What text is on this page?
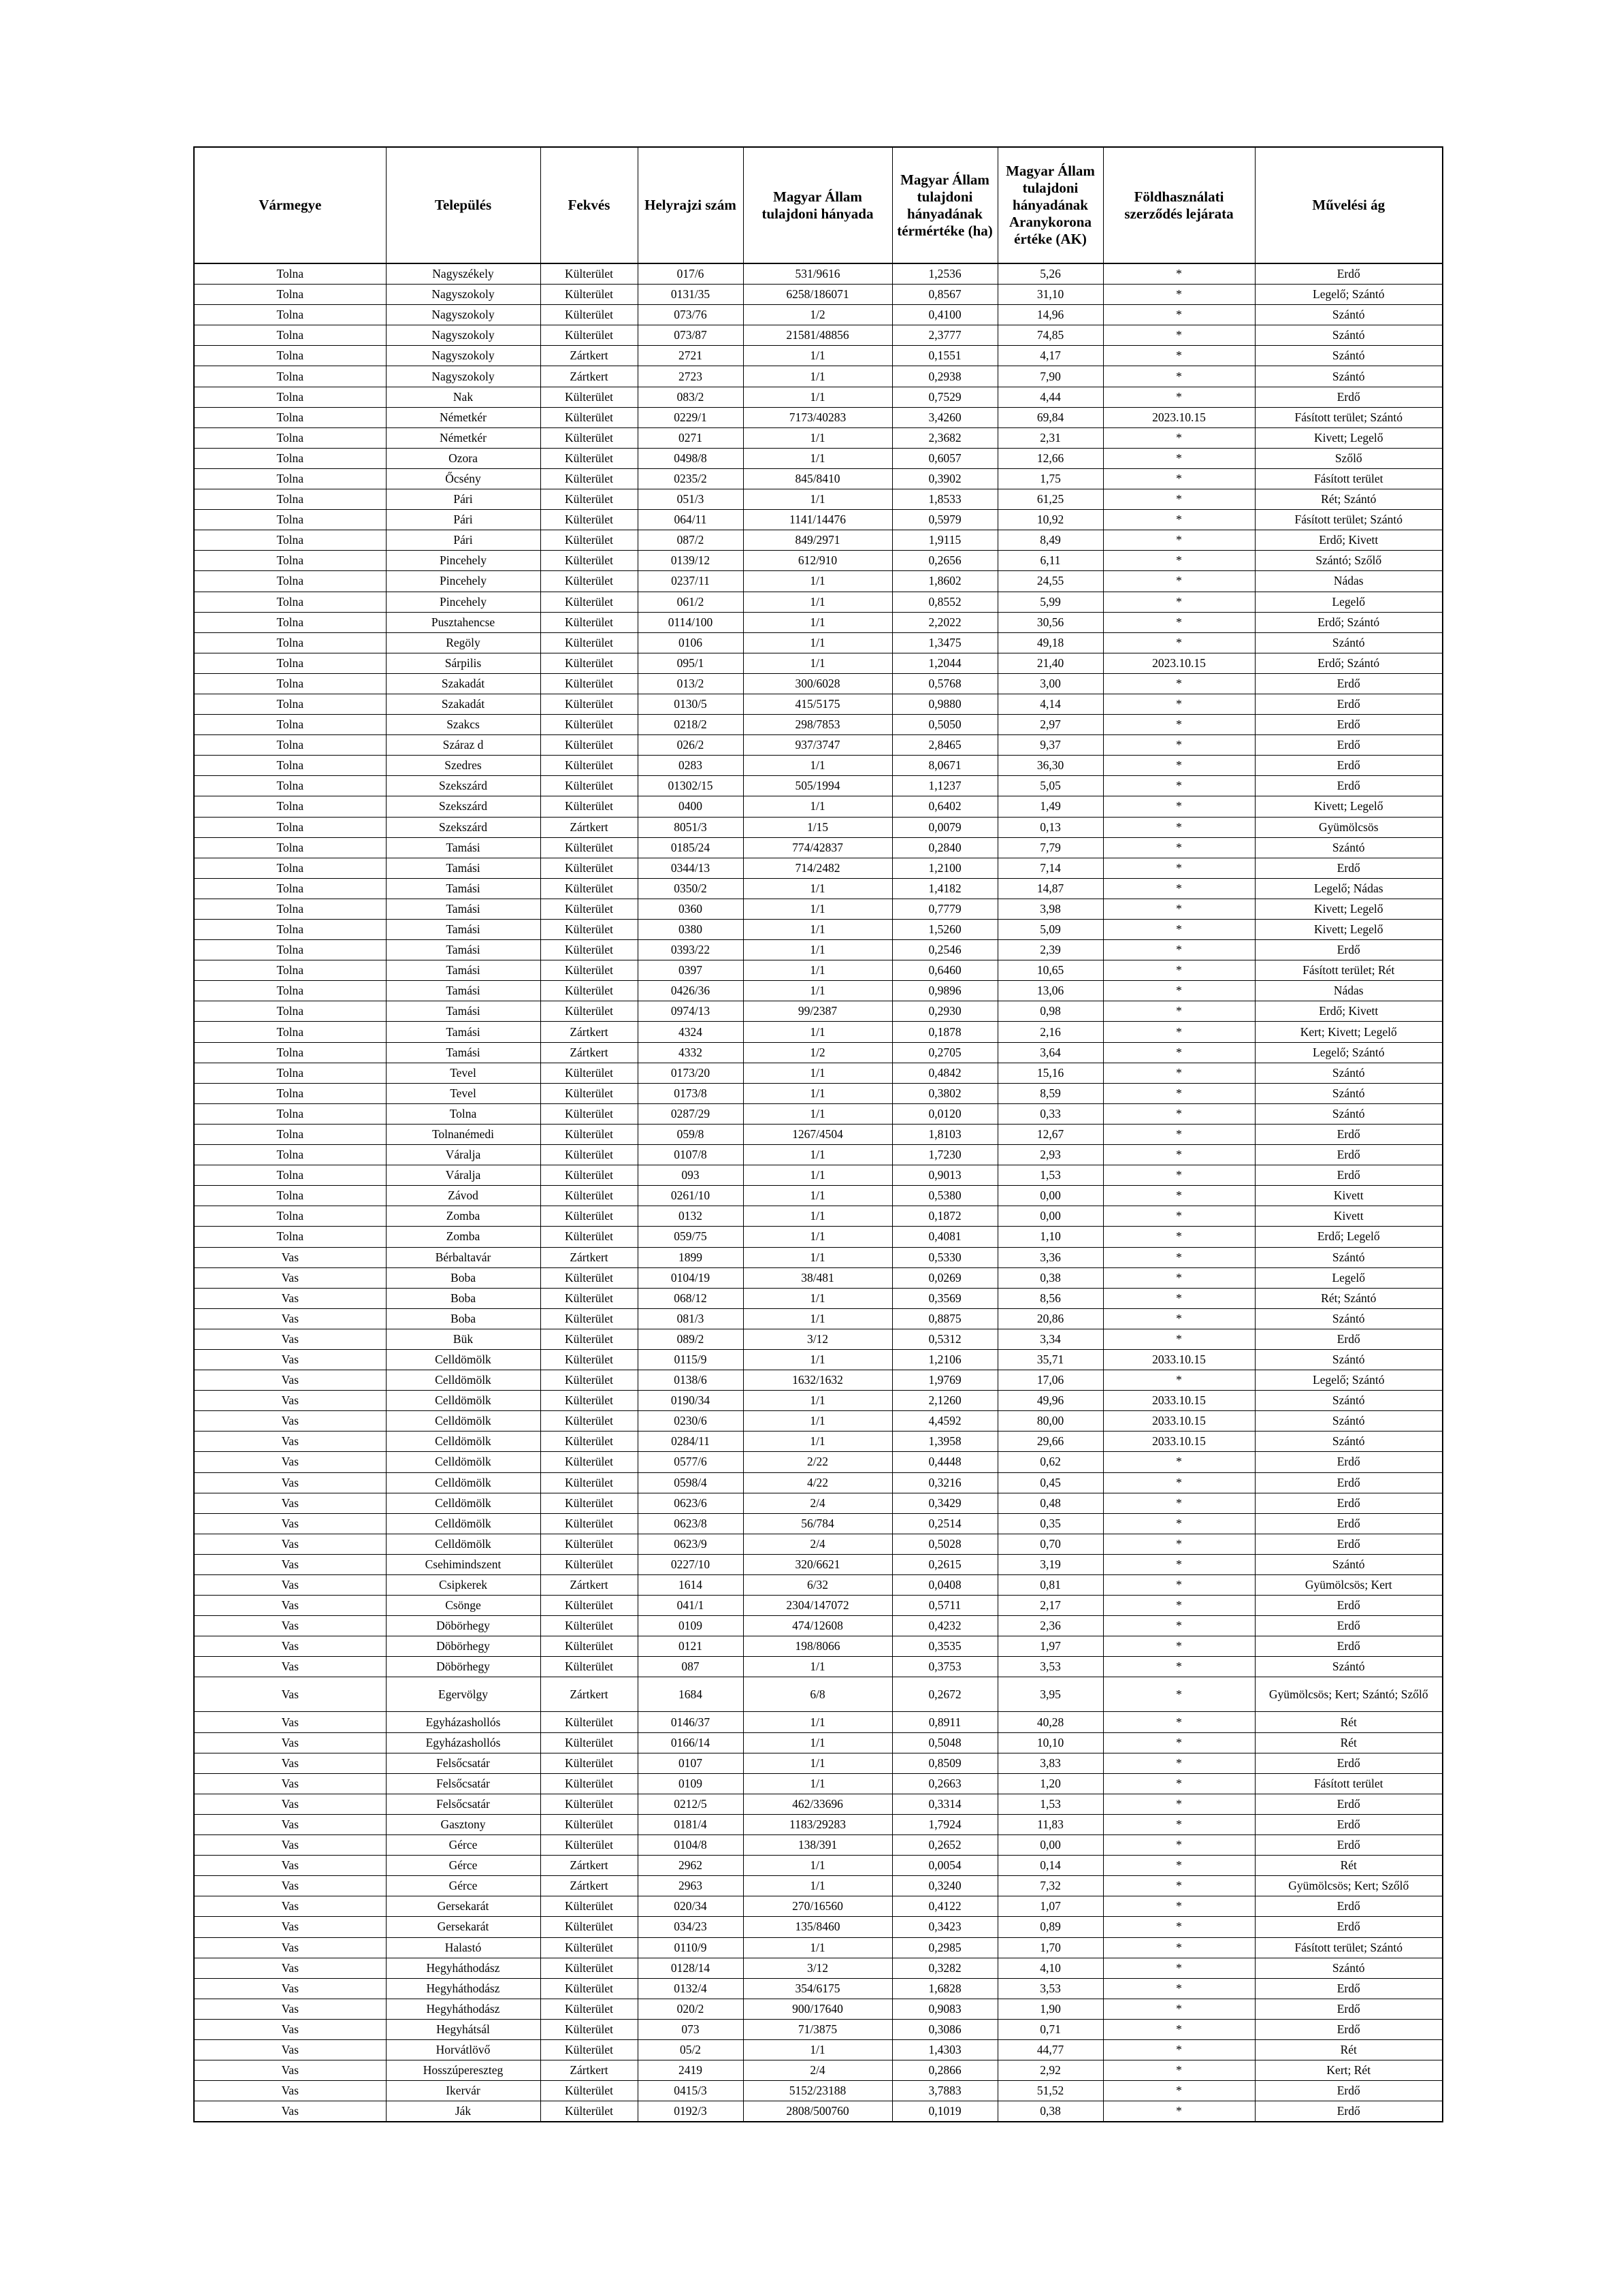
Vármegye	Település	Fekvés	Helyrajzi szám	Magyar Állam tulajdoni hányada	Magyar Állam tulajdoni hányadának térmértéke (ha)	Magyar Állam tulajdoni hányadának Aranykorona értéke (AK)	Földhasználati szerződés lejárata	Művelési ág
Tolna	Nagyszékely	Külterület	017/6	531/9616	1,2536	5,26	*	Erdő
Tolna	Nagyszokoly	Külterület	0131/35	6258/186071	0,8567	31,10	*	Legelő; Szántó
Tolna	Nagyszokoly	Külterület	073/76	1/2	0,4100	14,96	*	Szántó
Tolna	Nagyszokoly	Külterület	073/87	21581/48856	2,3777	74,85	*	Szántó
Tolna	Nagyszokoly	Zártkert	2721	1/1	0,1551	4,17	*	Szántó
Tolna	Nagyszokoly	Zártkert	2723	1/1	0,2938	7,90	*	Szántó
Tolna	Nak	Külterület	083/2	1/1	0,7529	4,44	*	Erdő
Tolna	Németkér	Külterület	0229/1	7173/40283	3,4260	69,84	2023.10.15	Fásított terület; Szántó
Tolna	Németkér	Külterület	0271	1/1	2,3682	2,31	*	Kivett; Legelő
Tolna	Ozora	Külterület	0498/8	1/1	0,6057	12,66	*	Szőlő
Tolna	Őcsény	Külterület	0235/2	845/8410	0,3902	1,75	*	Fásított terület
Tolna	Pári	Külterület	051/3	1/1	1,8533	61,25	*	Rét; Szántó
Tolna	Pári	Külterület	064/11	1141/14476	0,5979	10,92	*	Fásított terület; Szántó
Tolna	Pári	Külterület	087/2	849/2971	1,9115	8,49	*	Erdő; Kivett
Tolna	Pincehely	Külterület	0139/12	612/910	0,2656	6,11	*	Szántó; Szőlő
Tolna	Pincehely	Külterület	0237/11	1/1	1,8602	24,55	*	Nádas
Tolna	Pincehely	Külterület	061/2	1/1	0,8552	5,99	*	Legelő
Tolna	Pusztahencse	Külterület	0114/100	1/1	2,2022	30,56	*	Erdő; Szántó
Tolna	Regöly	Külterület	0106	1/1	1,3475	49,18	*	Szántó
Tolna	Sárpilis	Külterület	095/1	1/1	1,2044	21,40	2023.10.15	Erdő; Szántó
Tolna	Szakadát	Külterület	013/2	300/6028	0,5768	3,00	*	Erdő
Tolna	Szakadát	Külterület	0130/5	415/5175	0,9880	4,14	*	Erdő
Tolna	Szakcs	Külterület	0218/2	298/7853	0,5050	2,97	*	Erdő
Tolna	Száraz d	Külterület	026/2	937/3747	2,8465	9,37	*	Erdő
Tolna	Szedres	Külterület	0283	1/1	8,0671	36,30	*	Erdő
Tolna	Szekszárd	Külterület	01302/15	505/1994	1,1237	5,05	*	Erdő
Tolna	Szekszárd	Külterület	0400	1/1	0,6402	1,49	*	Kivett; Legelő
Tolna	Szekszárd	Zártkert	8051/3	1/15	0,0079	0,13	*	Gyümölcsös
Tolna	Tamási	Külterület	0185/24	774/42837	0,2840	7,79	*	Szántó
Tolna	Tamási	Külterület	0344/13	714/2482	1,2100	7,14	*	Erdő
Tolna	Tamási	Külterület	0350/2	1/1	1,4182	14,87	*	Legelő; Nádas
Tolna	Tamási	Külterület	0360	1/1	0,7779	3,98	*	Kivett; Legelő
Tolna	Tamási	Külterület	0380	1/1	1,5260	5,09	*	Kivett; Legelő
Tolna	Tamási	Külterület	0393/22	1/1	0,2546	2,39	*	Erdő
Tolna	Tamási	Külterület	0397	1/1	0,6460	10,65	*	Fásított terület; Rét
Tolna	Tamási	Külterület	0426/36	1/1	0,9896	13,06	*	Nádas
Tolna	Tamási	Külterület	0974/13	99/2387	0,2930	0,98	*	Erdő; Kivett
Tolna	Tamási	Zártkert	4324	1/1	0,1878	2,16	*	Kert; Kivett; Legelő
Tolna	Tamási	Zártkert	4332	1/2	0,2705	3,64	*	Legelő; Szántó
Tolna	Tevel	Külterület	0173/20	1/1	0,4842	15,16	*	Szántó
Tolna	Tevel	Külterület	0173/8	1/1	0,3802	8,59	*	Szántó
Tolna	Tolna	Külterület	0287/29	1/1	0,0120	0,33	*	Szántó
Tolna	Tolnanémedi	Külterület	059/8	1267/4504	1,8103	12,67	*	Erdő
Tolna	Váralja	Külterület	0107/8	1/1	1,7230	2,93	*	Erdő
Tolna	Váralja	Külterület	093	1/1	0,9013	1,53	*	Erdő
Tolna	Závod	Külterület	0261/10	1/1	0,5380	0,00	*	Kivett
Tolna	Zomba	Külterület	0132	1/1	0,1872	0,00	*	Kivett
Tolna	Zomba	Külterület	059/75	1/1	0,4081	1,10	*	Erdő; Legelő
Vas	Bérbaltavár	Zártkert	1899	1/1	0,5330	3,36	*	Szántó
Vas	Boba	Külterület	0104/19	38/481	0,0269	0,38	*	Legelő
Vas	Boba	Külterület	068/12	1/1	0,3569	8,56	*	Rét; Szántó
Vas	Boba	Külterület	081/3	1/1	0,8875	20,86	*	Szántó
Vas	Bük	Külterület	089/2	3/12	0,5312	3,34	*	Erdő
Vas	Celldömölk	Külterület	0115/9	1/1	1,2106	35,71	2033.10.15	Szántó
Vas	Celldömölk	Külterület	0138/6	1632/1632	1,9769	17,06	*	Legelő; Szántó
Vas	Celldömölk	Külterület	0190/34	1/1	2,1260	49,96	2033.10.15	Szántó
Vas	Celldömölk	Külterület	0230/6	1/1	4,4592	80,00	2033.10.15	Szántó
Vas	Celldömölk	Külterület	0284/11	1/1	1,3958	29,66	2033.10.15	Szántó
Vas	Celldömölk	Külterület	0577/6	2/22	0,4448	0,62	*	Erdő
Vas	Celldömölk	Külterület	0598/4	4/22	0,3216	0,45	*	Erdő
Vas	Celldömölk	Külterület	0623/6	2/4	0,3429	0,48	*	Erdő
Vas	Celldömölk	Külterület	0623/8	56/784	0,2514	0,35	*	Erdő
Vas	Celldömölk	Külterület	0623/9	2/4	0,5028	0,70	*	Erdő
Vas	Csehimindszent	Külterület	0227/10	320/6621	0,2615	3,19	*	Szántó
Vas	Csipkerek	Zártkert	1614	6/32	0,0408	0,81	*	Gyümölcsös; Kert
Vas	Csönge	Külterület	041/1	2304/147072	0,5711	2,17	*	Erdő
Vas	Döbörhegy	Külterület	0109	474/12608	0,4232	2,36	*	Erdő
Vas	Döbörhegy	Külterület	0121	198/8066	0,3535	1,97	*	Erdő
Vas	Döbörhegy	Külterület	087	1/1	0,3753	3,53	*	Szántó
Vas	Egervölgy	Zártkert	1684	6/8	0,2672	3,95	*	Gyümölcsös; Kert; Szántó; Szőlő
Vas	Egyházashollós	Külterület	0146/37	1/1	0,8911	40,28	*	Rét
Vas	Egyházashollós	Külterület	0166/14	1/1	0,5048	10,10	*	Rét
Vas	Felsőcsatár	Külterület	0107	1/1	0,8509	3,83	*	Erdő
Vas	Felsőcsatár	Külterület	0109	1/1	0,2663	1,20	*	Fásított terület
Vas	Felsőcsatár	Külterület	0212/5	462/33696	0,3314	1,53	*	Erdő
Vas	Gasztony	Külterület	0181/4	1183/29283	1,7924	11,83	*	Erdő
Vas	Gérce	Külterület	0104/8	138/391	0,2652	0,00	*	Erdő
Vas	Gérce	Zártkert	2962	1/1	0,0054	0,14	*	Rét
Vas	Gérce	Zártkert	2963	1/1	0,3240	7,32	*	Gyümölcsös; Kert; Szőlő
Vas	Gersekarát	Külterület	020/34	270/16560	0,4122	1,07	*	Erdő
Vas	Gersekarát	Külterület	034/23	135/8460	0,3423	0,89	*	Erdő
Vas	Halastó	Külterület	0110/9	1/1	0,2985	1,70	*	Fásított terület; Szántó
Vas	Hegyháthodász	Külterület	0128/14	3/12	0,3282	4,10	*	Szántó
Vas	Hegyháthodász	Külterület	0132/4	354/6175	1,6828	3,53	*	Erdő
Vas	Hegyháthodász	Külterület	020/2	900/17640	0,9083	1,90	*	Erdő
Vas	Hegyhátsál	Külterület	073	71/3875	0,3086	0,71	*	Erdő
Vas	Horvátlövő	Külterület	05/2	1/1	1,4303	44,77	*	Rét
Vas	Hosszúpereszteg	Zártkert	2419	2/4	0,2866	2,92	*	Kert; Rét
Vas	Ikervár	Külterület	0415/3	5152/23188	3,7883	51,52	*	Erdő
Vas	Ják	Külterület	0192/3	2808/500760	0,1019	0,38	*	Erdő
